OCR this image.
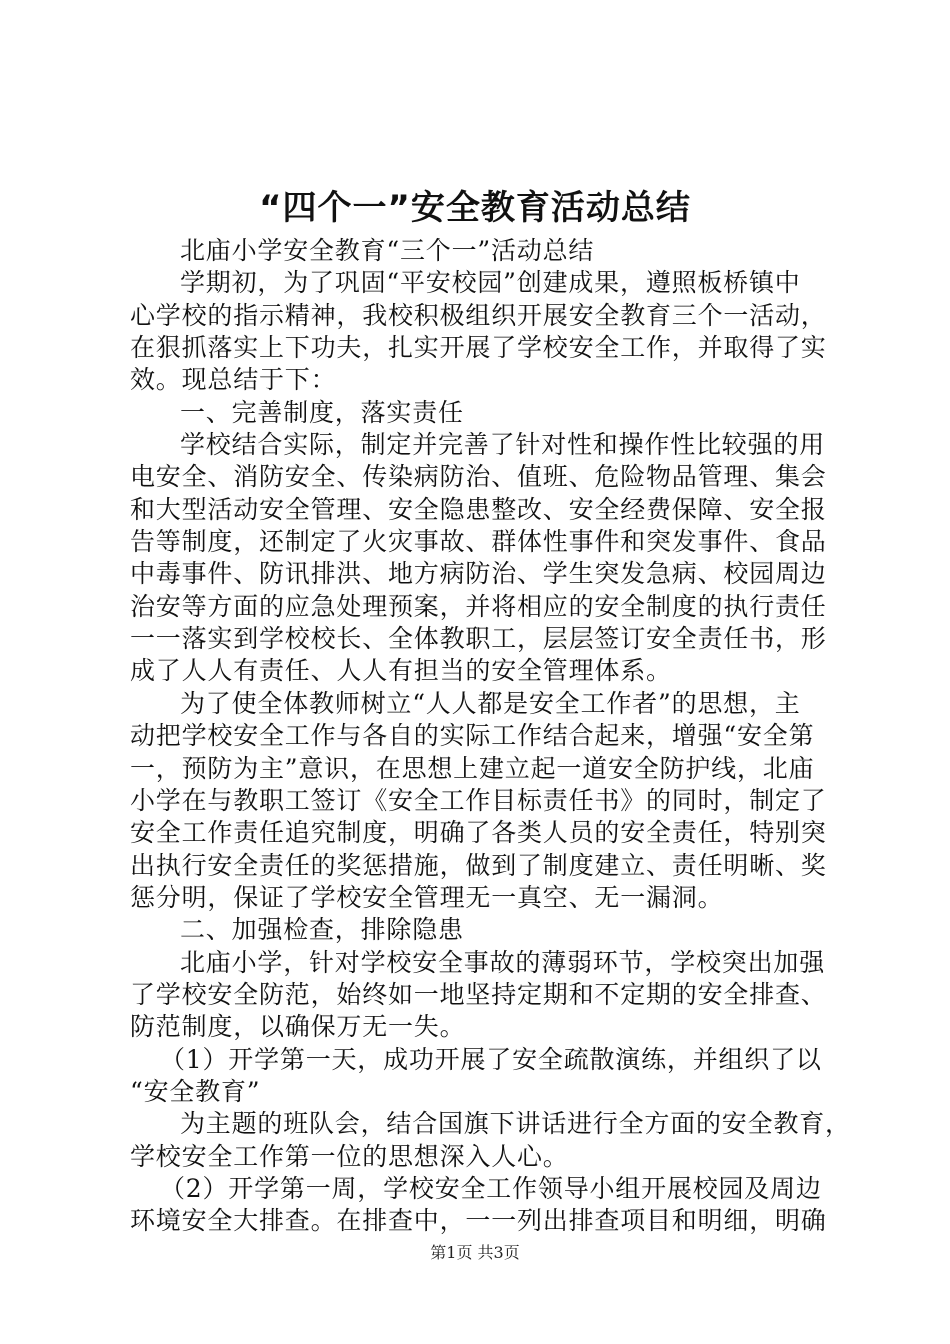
“四个一”安全教育活动总结
北庙小学安全教育“三个一”活动总结
学期初，为了巩固“平安校园”创建成果，遵照板桥镇中
心学校的指示精神，我校积极组织开展安全教育三个一活动，
在狠抓落实上下功夫，扎实开展了学校安全工作，并取得了实
效。现总结于下：
一、完善制度，落实责任
学校结合实际，制定并完善了针对性和操作性比较强的用
电安全、消防安全、传染病防治、值班、危险物品管理、集会
和大型活动安全管理、安全隐患整改、安全经费保障、安全报
告等制度，还制定了火灾事故、群体性事件和突发事件、食品
中毒事件、防讯排洪、地方病防治、学生突发急病、校园周边
治安等方面的应急处理预案，并将相应的安全制度的执行责任
一一落实到学校校长、全体教职工，层层签订安全责任书，形
成了人人有责任、人人有担当的安全管理体系。
为了使全体教师树立“人人都是安全工作者”的思想，主
动把学校安全工作与各自的实际工作结合起来，增强“安全第
一，预防为主”意识，在思想上建立起一道安全防护线，北庙
小学在与教职工签订《安全工作目标责任书》的同时，制定了
安全工作责任追究制度，明确了各类人员的安全责任，特别突
出执行安全责任的奖惩措施，做到了制度建立、责任明晰、奖
惩分明，保证了学校安全管理无一真空、无一漏洞。
二、加强检查，排除隐患
北庙小学，针对学校安全事故的薄弱环节，学校突出加强
了学校安全防范，始终如一地坚持定期和不定期的安全排查、
防范制度，以确保万无一失。
（1）开学第一天，成功开展了安全疏散演练，并组织了以
“安全教育”
为主题的班队会，结合国旗下讲话进行全方面的安全教育，
学校安全工作第一位的思想深入人心。
（2）开学第一周，学校安全工作领导小组开展校园及周边
环境安全大排查。在排查中，一一列出排查项目和明细，明确

第1页 共3页
